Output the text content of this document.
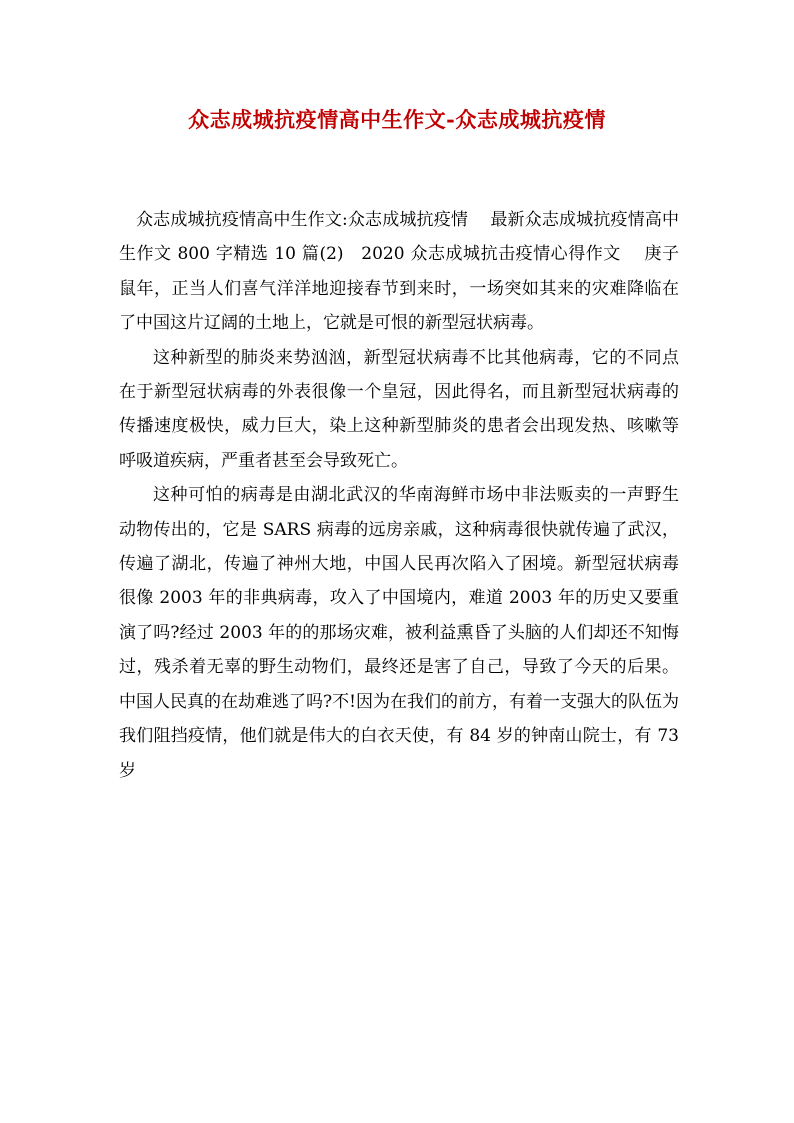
众志成城抗疫情高中生作文-众志成城抗疫情

众志成城抗疫情高中生作文:众志成城抗疫情    最新众志成城抗疫情高中生作文 800 字精选 10 篇(2)   2020 众志成城抗击疫情心得作文    庚子鼠年，正当人们喜气洋洋地迎接春节到来时，一场突如其来的灾难降临在了中国这片辽阔的土地上，它就是可恨的新型冠状病毒。

这种新型的肺炎来势汹汹，新型冠状病毒不比其他病毒，它的不同点在于新型冠状病毒的外表很像一个皇冠，因此得名，而且新型冠状病毒的传播速度极快，威力巨大，染上这种新型肺炎的患者会出现发热、咳嗽等呼吸道疾病，严重者甚至会导致死亡。

这种可怕的病毒是由湖北武汉的华南海鲜市场中非法贩卖的一声野生动物传出的，它是 SARS 病毒的远房亲戚，这种病毒很快就传遍了武汉，传遍了湖北，传遍了神州大地，中国人民再次陷入了困境。新型冠状病毒很像 2003 年的非典病毒，攻入了中国境内，难道 2003 年的历史又要重演了吗?经过 2003 年的的那场灾难，被利益熏昏了头脑的人们却还不知悔过，残杀着无辜的野生动物们，最终还是害了自己，导致了今天的后果。中国人民真的在劫难逃了吗?不!因为在我们的前方，有着一支强大的队伍为我们阻挡疫情，他们就是伟大的白衣天使，有 84 岁的钟南山院士，有 73 岁
